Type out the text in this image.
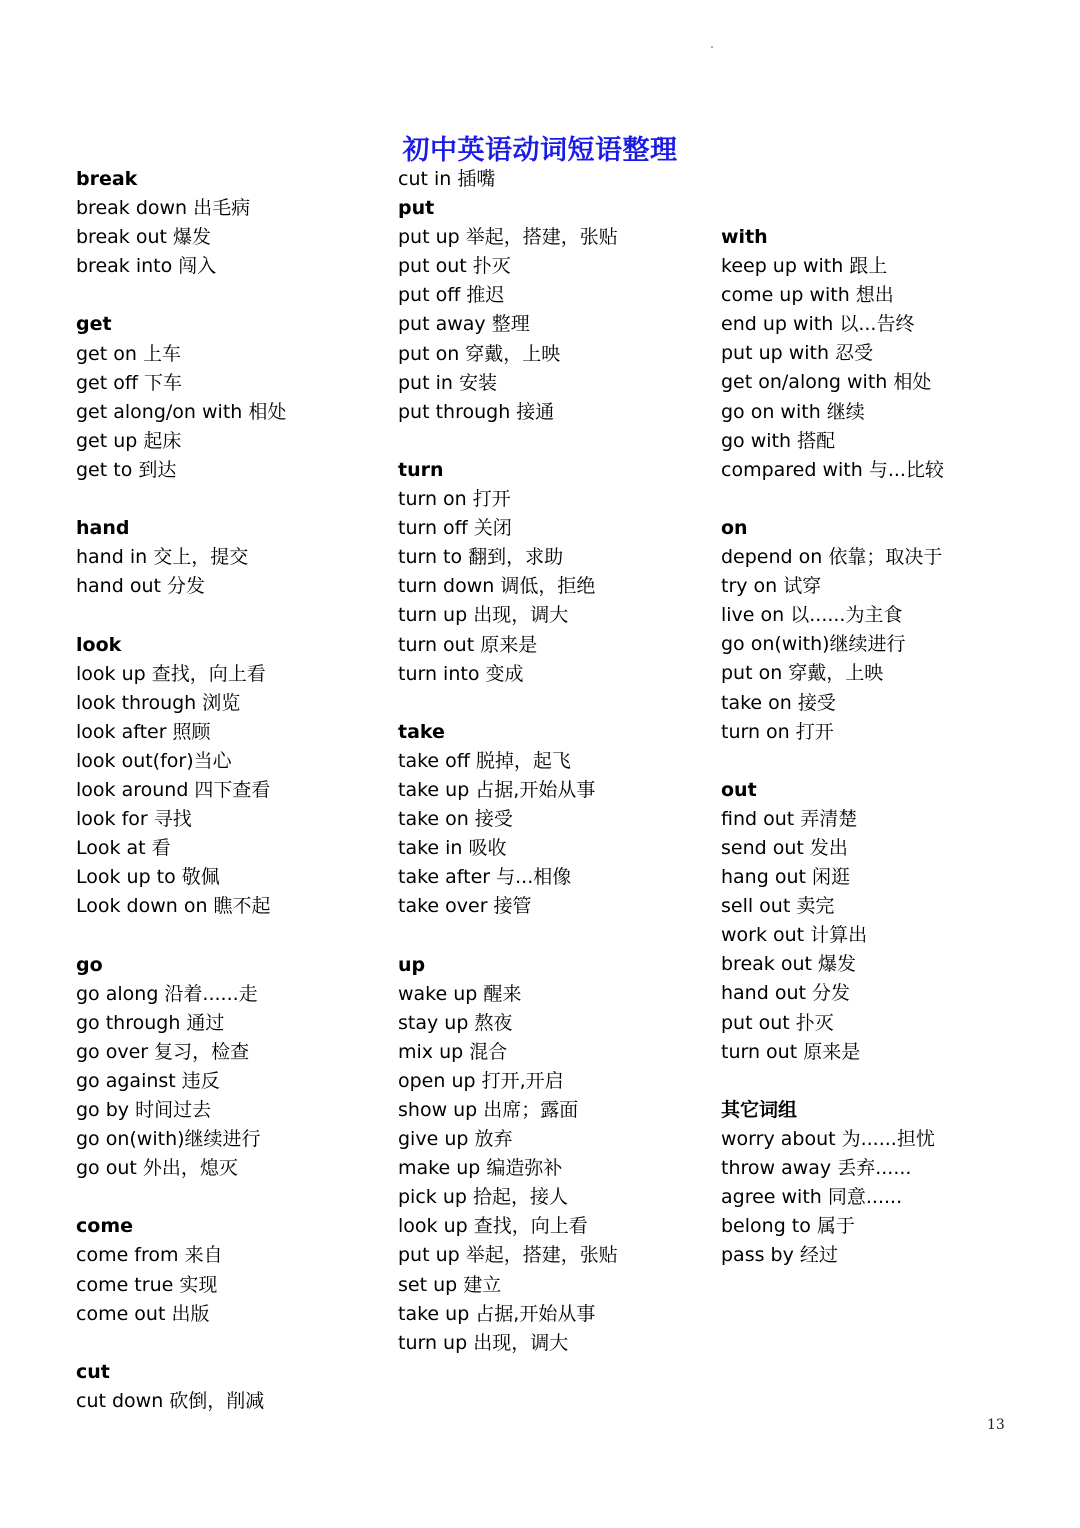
初中英语动词短语整理
break
break down 出毛病
break out 爆发
break into 闯入
get
get on 上车
get off 下车
get along/on with 相处
get up 起床
get to 到达
hand
hand in 交上，提交
hand out 分发
look
look up 查找，向上看
look through 浏览
look after 照顾
look out(for)当心
look around 四下查看
look for 寻找
Look at 看
Look up to 敬佩
Look down on 瞧不起
go
go along 沿着......走
go through 通过
go over 复习，检查
go against 违反
go by 时间过去
go on(with)继续进行
go out 外出，熄灭
come
come from 来自
come true 实现
come out 出版
cut
cut down 砍倒，削减
cut in 插嘴
put
put up 举起，搭建，张贴
put out 扑灭
put off 推迟
put away 整理
put on 穿戴，上映
put in 安装
put through 接通
turn
turn on 打开
turn off 关闭
turn to 翻到，求助
turn down 调低，拒绝
turn up 出现，调大
turn out 原来是
turn into 变成
take
take off 脱掉，起飞
take up 占据,开始从事
take on 接受
take in 吸收
take after 与...相像
take over 接管
up
wake up 醒来
stay up 熬夜
mix up 混合
open up 打开,开启
show up 出席；露面
give up 放弃
make up 编造弥补
pick up 拾起，接人
look up 查找，向上看
put up 举起，搭建，张贴
set up 建立
take up 占据,开始从事
turn up 出现，调大
with
keep up with 跟上
come up with 想出
end up with 以...告终
put up with 忍受
get on/along with 相处
go on with 继续
go with 搭配
compared with 与...比较
on
depend on 依靠；取决于
try on 试穿
live on 以......为主食
go on(with)继续进行
put on 穿戴，上映
take on 接受
turn on 打开
out
find out 弄清楚
send out 发出
hang out 闲逛
sell out 卖完
work out 计算出
break out 爆发
hand out 分发
put out 扑灭
turn out 原来是
其它词组
worry about 为......担忧
throw away 丢弃......
agree with 同意......
belong to 属于
pass by 经过
13
